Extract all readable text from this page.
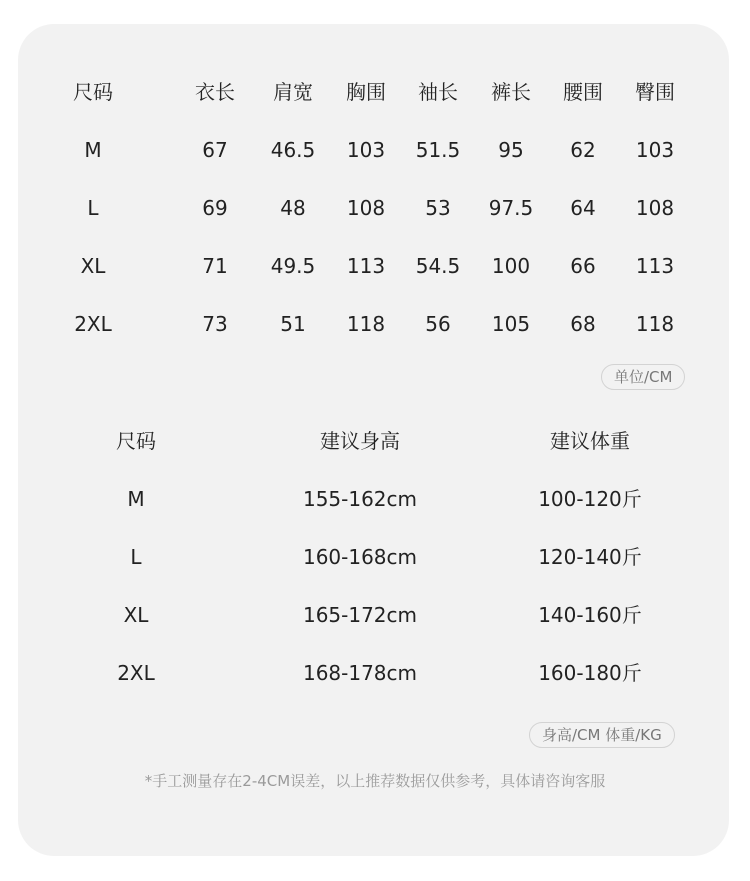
尺码	衣长	肩宽	胸围	袖长	裤长	腰围	臀围
M	67	46.5	103	51.5	95	62	103
L	69	48	108	53	97.5	64	108
XL	71	49.5	113	54.5	100	66	113
2XL	73	51	118	56	105	68	118
单位/CM
尺码	建议身高	建议体重
M	155-162cm	100-120斤
L	160-168cm	120-140斤
XL	165-172cm	140-160斤
2XL	168-178cm	160-180斤
身高/CM 体重/KG
*手工测量存在2-4CM误差，以上推荐数据仅供参考，具体请咨询客服
